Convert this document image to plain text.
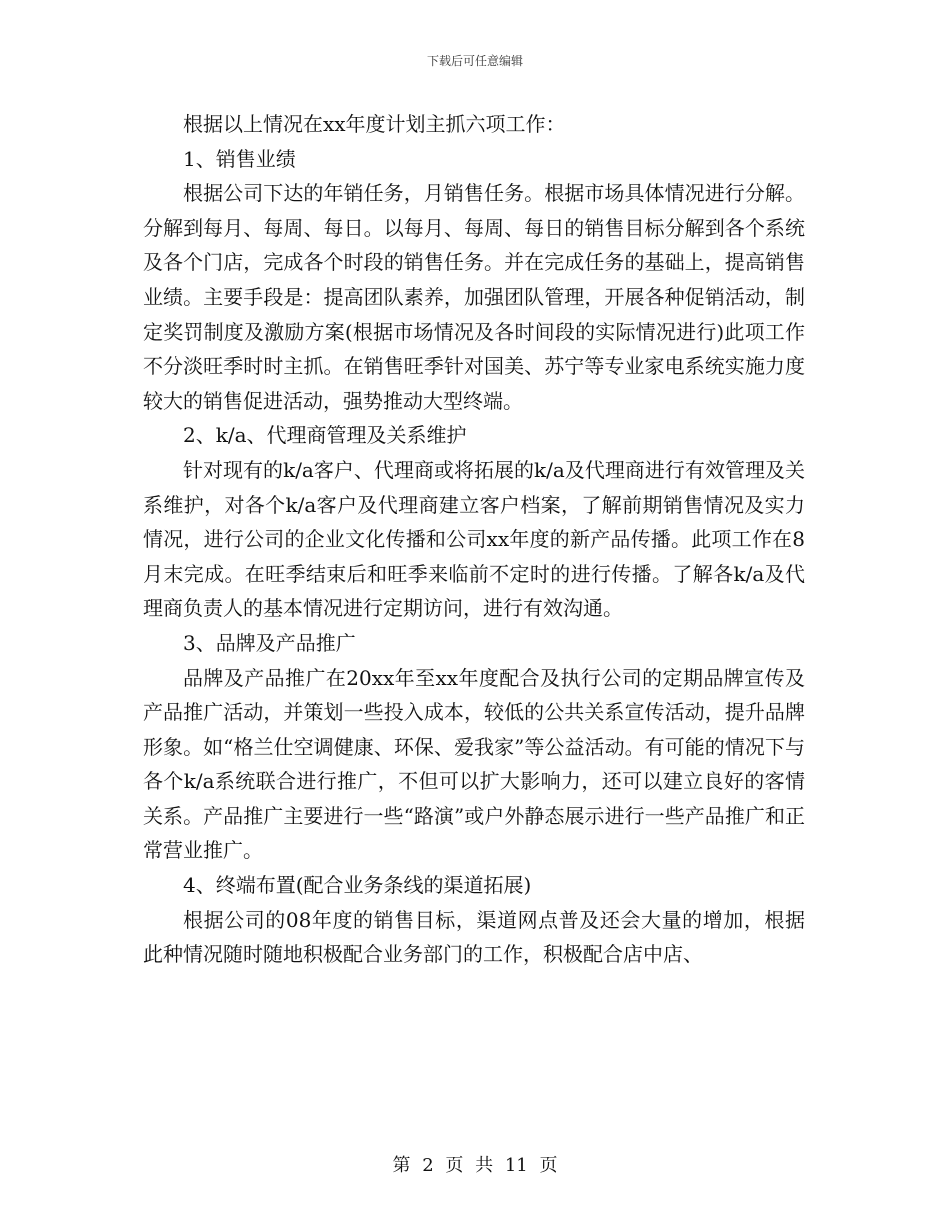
下载后可任意编辑

根据以上情况在xx年度计划主抓六项工作：

1、销售业绩

根据公司下达的年销任务，月销售任务。根据市场具体情况进行分解。分解到每月、每周、每日。以每月、每周、每日的销售目标分解到各个系统及各个门店，完成各个时段的销售任务。并在完成任务的基础上，提高销售业绩。主要手段是：提高团队素养，加强团队管理，开展各种促销活动，制定奖罚制度及激励方案(根据市场情况及各时间段的实际情况进行)此项工作不分淡旺季时时主抓。在销售旺季针对国美、苏宁等专业家电系统实施力度较大的销售促进活动，强势推动大型终端。

2、k/a、代理商管理及关系维护

针对现有的k/a客户、代理商或将拓展的k/a及代理商进行有效管理及关系维护，对各个k/a客户及代理商建立客户档案，了解前期销售情况及实力情况，进行公司的企业文化传播和公司xx年度的新产品传播。此项工作在8月末完成。在旺季结束后和旺季来临前不定时的进行传播。了解各k/a及代理商负责人的基本情况进行定期访问，进行有效沟通。

3、品牌及产品推广

品牌及产品推广在20xx年至xx年度配合及执行公司的定期品牌宣传及产品推广活动，并策划一些投入成本，较低的公共关系宣传活动，提升品牌形象。如“格兰仕空调健康、环保、爱我家”等公益活动。有可能的情况下与各个k/a系统联合进行推广，不但可以扩大影响力，还可以建立良好的客情关系。产品推广主要进行一些“路演”或户外静态展示进行一些产品推广和正常营业推广。

4、终端布置(配合业务条线的渠道拓展)

根据公司的08年度的销售目标，渠道网点普及还会大量的增加，根据此种情况随时随地积极配合业务部门的工作，积极配合店中店、

第 2 页 共 11 页
